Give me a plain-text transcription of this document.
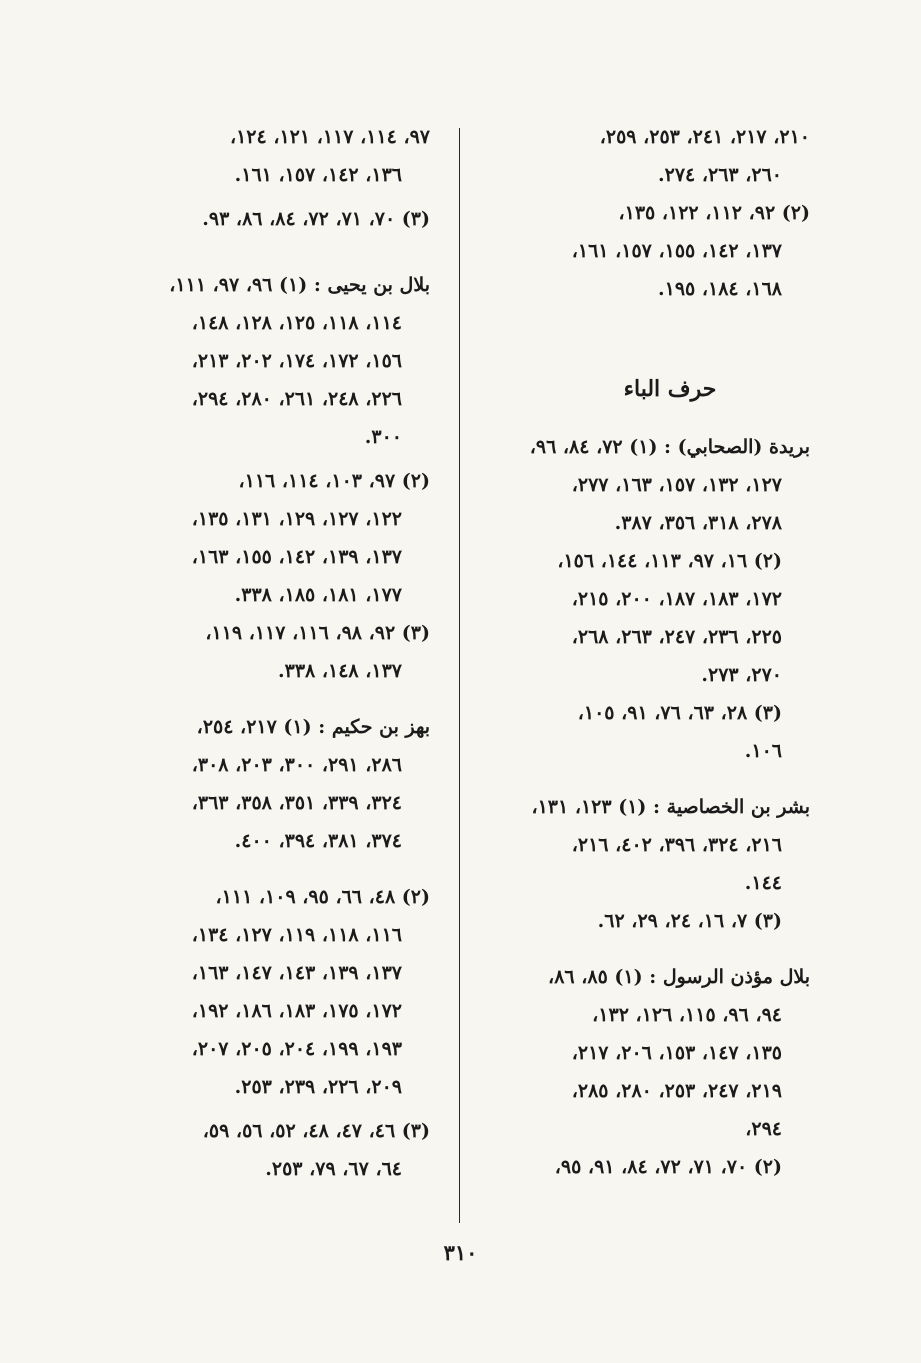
٢١٠، ٢١٧، ٢٤١، ٢٥٣، ٢٥٩،
٢٦٠، ٢٦٣، ٢٧٤.
(٢) ٩٢، ١١٢، ١٢٢، ١٣٥،
١٣٧، ١٤٢، ١٥٥، ١٥٧، ١٦١،
١٦٨، ١٨٤، ١٩٥.
حرف الباء
بريدة (الصحابي) : (١) ٧٢، ٨٤، ٩٦،
١٢٧، ١٣٢، ١٥٧، ١٦٣، ٢٧٧،
٢٧٨، ٣١٨، ٣٥٦، ٣٨٧.
(٢) ١٦، ٩٧، ١١٣، ١٤٤، ١٥٦،
١٧٢، ١٨٣، ١٨٧، ٢٠٠، ٢١٥،
٢٢٥، ٢٣٦، ٢٤٧، ٢٦٣، ٢٦٨،
٢٧٠، ٢٧٣.
(٣) ٢٨، ٦٣، ٧٦، ٩١، ١٠٥،
١٠٦.
بشر بن الخصاصية : (١) ١٢٣، ١٣١،
٢١٦، ٣٢٤، ٣٩٦، ٤٠٢، ٢١٦،
١٤٤.
(٣) ٧، ١٦، ٢٤، ٢٩، ٦٢.
بلال مؤذن الرسول : (١) ٨٥، ٨٦،
٩٤، ٩٦، ١١٥، ١٢٦، ١٣٢،
١٣٥، ١٤٧، ١٥٣، ٢٠٦، ٢١٧،
٢١٩، ٢٤٧، ٢٥٣، ٢٨٠، ٢٨٥،
٢٩٤،
(٢) ٧٠، ٧١، ٧٢، ٨٤، ٩١، ٩٥،
٩٧، ١١٤، ١١٧، ١٢١، ١٢٤،
١٣٦، ١٤٢، ١٥٧، ١٦١.
(٣) ٧٠، ٧١، ٧٢، ٨٤، ٨٦، ٩٣.
بلال بن يحيى : (١) ٩٦، ٩٧، ١١١،
١١٤، ١١٨، ١٢٥، ١٢٨، ١٤٨،
١٥٦، ١٧٢، ١٧٤، ٢٠٢، ٢١٣،
٢٢٦، ٢٤٨، ٢٦١، ٢٨٠، ٢٩٤،
٣٠٠.
(٢) ٩٧، ١٠٣، ١١٤، ١١٦،
١٢٢، ١٢٧، ١٢٩، ١٣١، ١٣٥،
١٣٧، ١٣٩، ١٤٢، ١٥٥، ١٦٣،
١٧٧، ١٨١، ١٨٥، ٣٣٨.
(٣) ٩٢، ٩٨، ١١٦، ١١٧، ١١٩،
١٣٧، ١٤٨، ٣٣٨.
بهز بن حكيم : (١) ٢١٧، ٢٥٤،
٢٨٦، ٢٩١، ٣٠٠، ٢٠٣، ٣٠٨،
٣٢٤، ٣٣٩، ٣٥١، ٣٥٨، ٣٦٣،
٣٧٤، ٣٨١، ٣٩٤، ٤٠٠.
(٢) ٤٨، ٦٦، ٩٥، ١٠٩، ١١١،
١١٦، ١١٨، ١١٩، ١٢٧، ١٣٤،
١٣٧، ١٣٩، ١٤٣، ١٤٧، ١٦٣،
١٧٢، ١٧٥، ١٨٣، ١٨٦، ١٩٢،
١٩٣، ١٩٩، ٢٠٤، ٢٠٥، ٢٠٧،
٢٠٩، ٢٢٦، ٢٣٩، ٢٥٣.
(٣) ٤٦، ٤٧، ٤٨، ٥٢، ٥٦، ٥٩،
٦٤، ٦٧، ٧٩، ٢٥٣.
٣١٠
